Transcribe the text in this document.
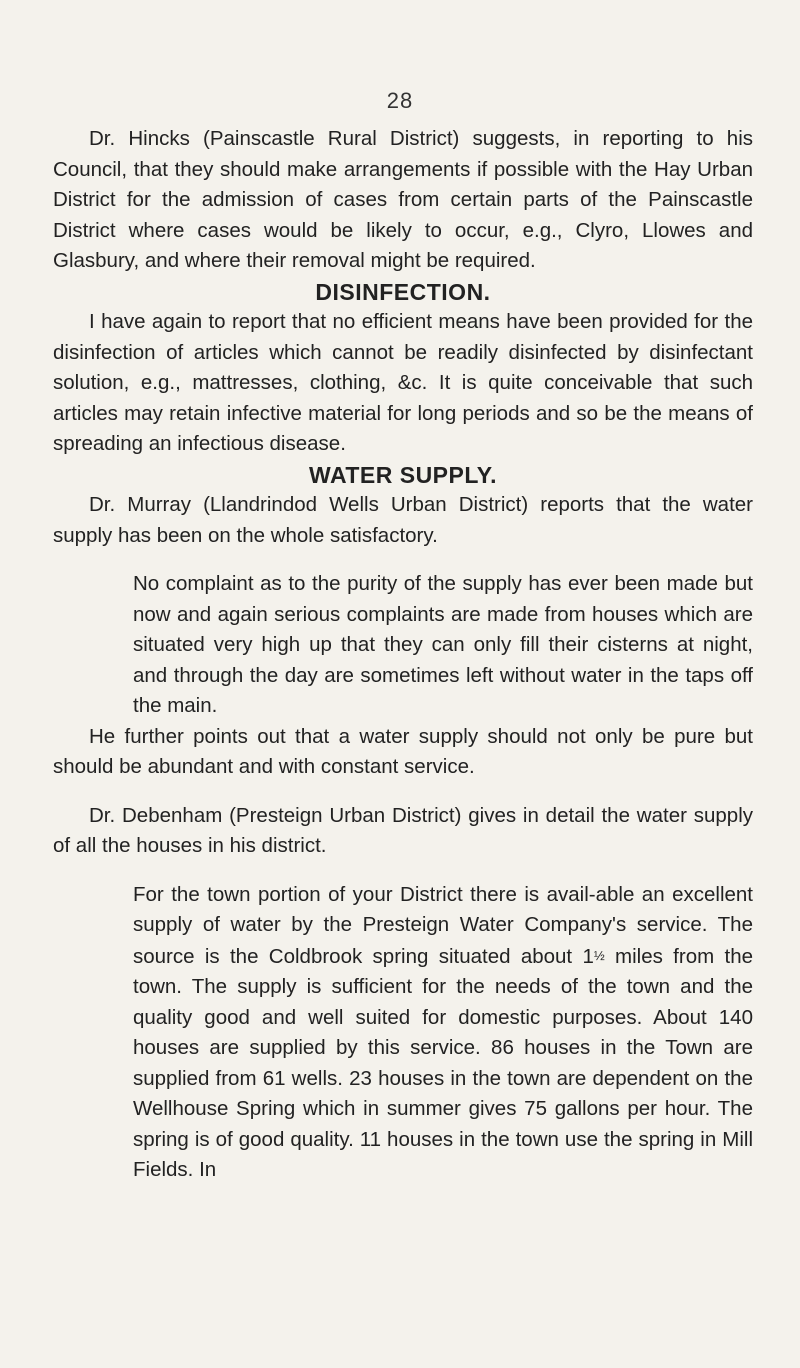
28

Dr. Hincks (Painscastle Rural District) suggests, in reporting to his Council, that they should make arrangements if possible with the Hay Urban District for the admission of cases from certain parts of the Painscastle District where cases would be likely to occur, e.g., Clyro, Llowes and Glasbury, and where their removal might be required.

DISINFECTION.

I have again to report that no efficient means have been provided for the disinfection of articles which cannot be readily disinfected by disinfectant solution, e.g., mattresses, clothing, &c. It is quite conceivable that such articles may retain infective material for long periods and so be the means of spreading an infectious disease.

WATER SUPPLY.

Dr. Murray (Llandrindod Wells Urban District) reports that the water supply has been on the whole satisfactory.

No complaint as to the purity of the supply has ever been made but now and again serious complaints are made from houses which are situated very high up that they can only fill their cisterns at night, and through the day are sometimes left without water in the taps off the main.

He further points out that a water supply should not only be pure but should be abundant and with constant service.

Dr. Debenham (Presteign Urban District) gives in detail the water supply of all the houses in his district.

For the town portion of your District there is avail-able an excellent supply of water by the Presteign Water Company's service. The source is the Coldbrook spring situated about 1½ miles from the town. The supply is sufficient for the needs of the town and the quality good and well suited for domestic purposes. About 140 houses are supplied by this service. 86 houses in the Town are supplied from 61 wells. 23 houses in the town are dependent on the Wellhouse Spring which in summer gives 75 gallons per hour. The spring is of good quality. 11 houses in the town use the spring in Mill Fields. In
